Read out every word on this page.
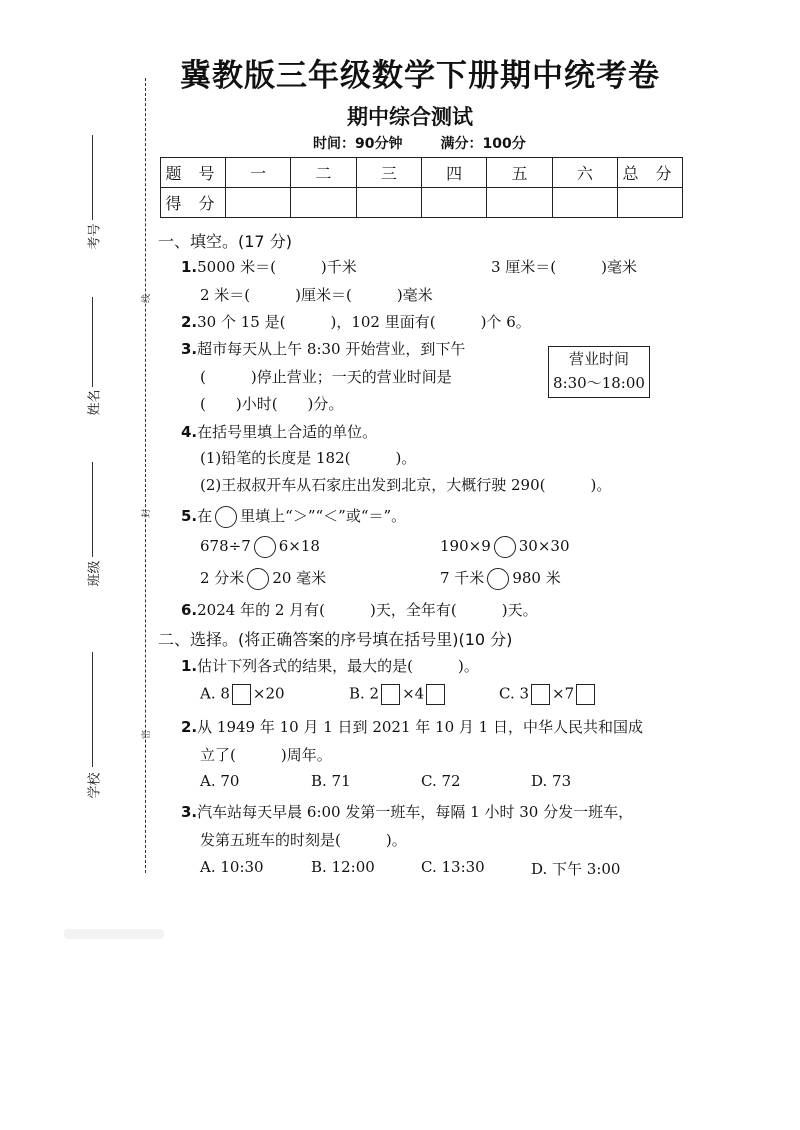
冀教版三年级数学下册期中统考卷
期中综合测试
时间：90分钟	满分：100分
题 号	一	二	三	四	五	六	总 分
得 分							
线
封
密
考号
姓名
班级
学校
一、填空。(17 分)
1.5000 米＝(　　　)千米	3 厘米＝(　　　)毫米
2 米＝(　　　)厘米＝(　　　)毫米
2.30 个 15 是(　　　)，102 里面有(　　　)个 6。
3.超市每天从上午 8:30 开始营业，到下午
(　　　)停止营业；一天的营业时间是
(　　)小时(　　)分。
营业时间
8:30～18:00
4.在括号里填上合适的单位。
(1)铅笔的长度是 182(　　　)。
(2)王叔叔开车从石家庄出发到北京，大概行驶 290(　　　)。
5.在 里填上“＞”“＜”或“＝”。
678÷7 6×18	190×9 30×30
2 分米 20 毫米	7 千米 980 米
6.2024 年的 2 月有(　　　)天，全年有(　　　)天。
二、选择。(将正确答案的序号填在括号里)(10 分)
1.估计下列各式的结果，最大的是(　　　)。
A. 8 ×20	B. 2 ×4	C. 3 ×7
2.从 1949 年 10 月 1 日到 2021 年 10 月 1 日，中华人民共和国成
立了(　　　)周年。
A. 70	B. 71	C. 72	D. 73
3.汽车站每天早晨 6:00 发第一班车，每隔 1 小时 30 分发一班车，
发第五班车的时刻是(　　　)。
A. 10:30	B. 12:00	C. 13:30	D. 下午 3:00
